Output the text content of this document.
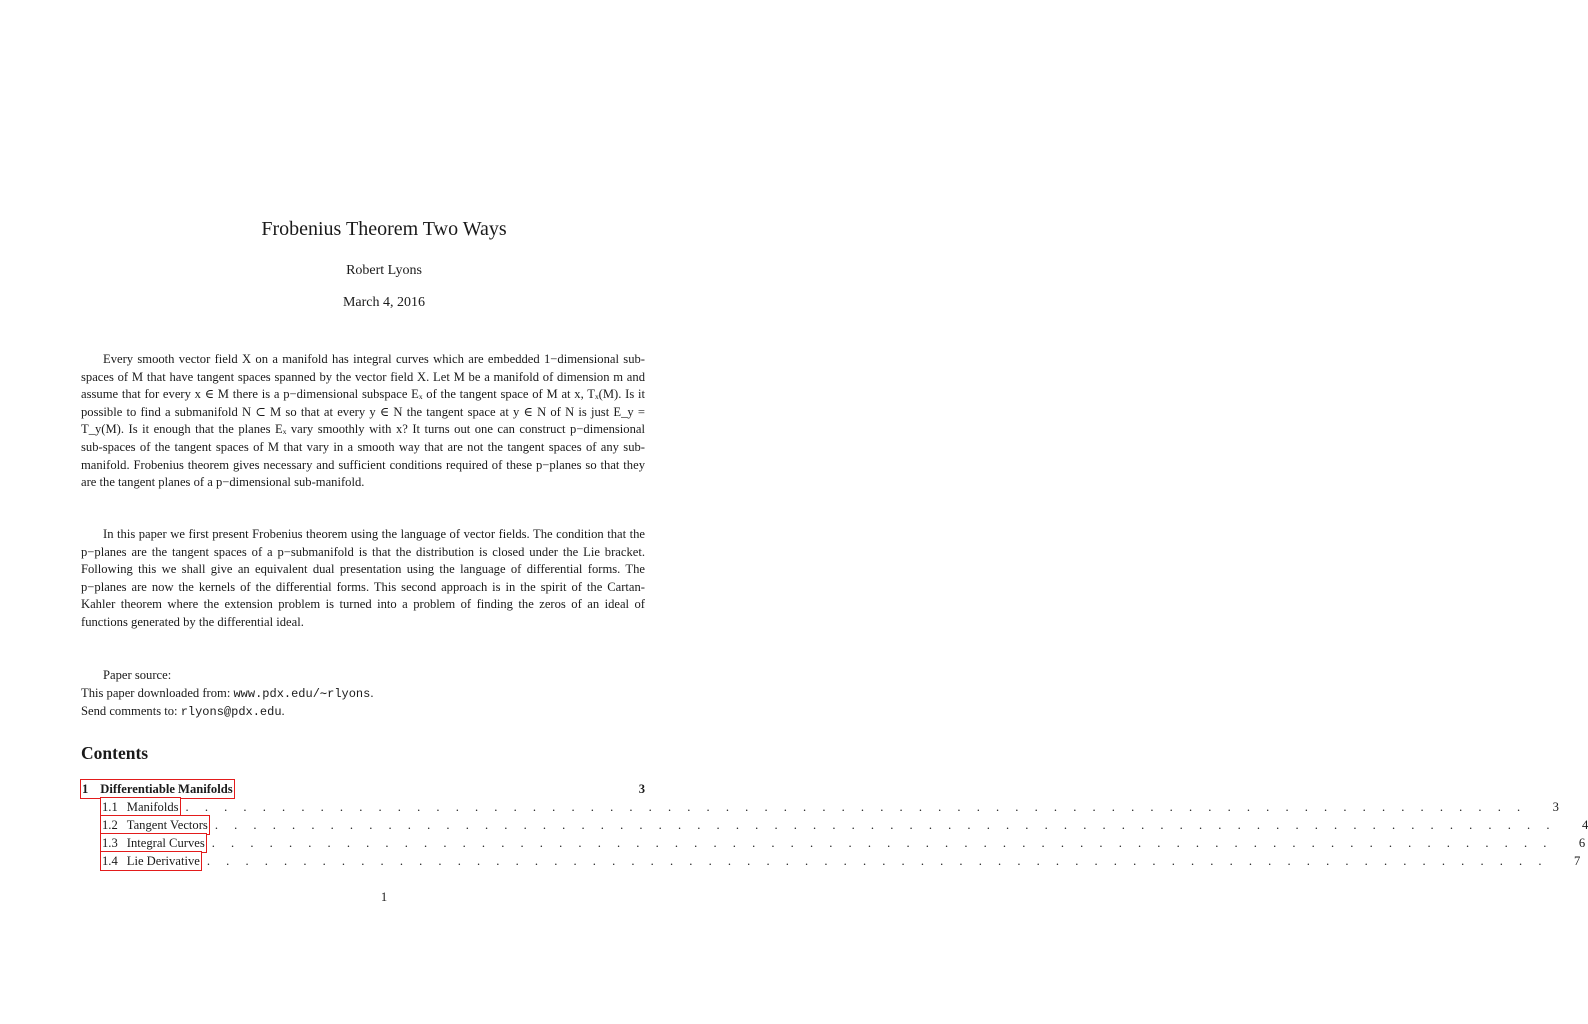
Frobenius Theorem Two Ways
Robert Lyons
March 4, 2016

Every smooth vector field X on a manifold has integral curves which are embedded 1−dimensional sub-spaces of M that have tangent spaces spanned by the vector field X. Let M be a manifold of dimension m and assume that for every x ∈ M there is a p−dimensional subspace Eₓ of the tangent space of M at x, Tₓ(M). Is it possible to find a submanifold N ⊂ M so that at every y ∈ N the tangent space at y ∈ N of N is just E_y = T_y(M). Is it enough that the planes Eₓ vary smoothly with x? It turns out one can construct p−dimensional sub-spaces of the tangent spaces of M that vary in a smooth way that are not the tangent spaces of any sub-manifold. Frobenius theorem gives necessary and sufficient conditions required of these p−planes so that they are the tangent planes of a p−dimensional sub-manifold.

In this paper we first present Frobenius theorem using the language of vector fields. The condition that the p−planes are the tangent spaces of a p−submanifold is that the distribution is closed under the Lie bracket. Following this we shall give an equivalent dual presentation using the language of differential forms. The p−planes are now the kernels of the differential forms. This second approach is in the spirit of the Cartan-Kahler theorem where the extension problem is turned into a problem of finding the zeros of an ideal of functions generated by the differential ideal.

Paper source:
This paper downloaded from: www.pdx.edu/∼rlyons.
Send comments to: rlyons@pdx.edu.
Contents
1 Differentiable Manifolds	3
1.1 Manifolds . . . . . . . . . . . . . . . . . . . . . . . . . . . . . . . . . . . . . . . . . . . . . . . . . . . . . . . . . . . . . . . . . . . . . . 3
1.2 Tangent Vectors . . . . . . . . . . . . . . . . . . . . . . . . . . . . . . . . . . . . . . . . . . . . . . . . . . . . . . . . . . . . . . . . . . . . . . 4
1.3 Integral Curves . . . . . . . . . . . . . . . . . . . . . . . . . . . . . . . . . . . . . . . . . . . . . . . . . . . . . . . . . . . . . . . . . . . . . . 6
1.4 Lie Derivative . . . . . . . . . . . . . . . . . . . . . . . . . . . . . . . . . . . . . . . . . . . . . . . . . . . . . . . . . . . . . . . . . . . . . . 7
1
